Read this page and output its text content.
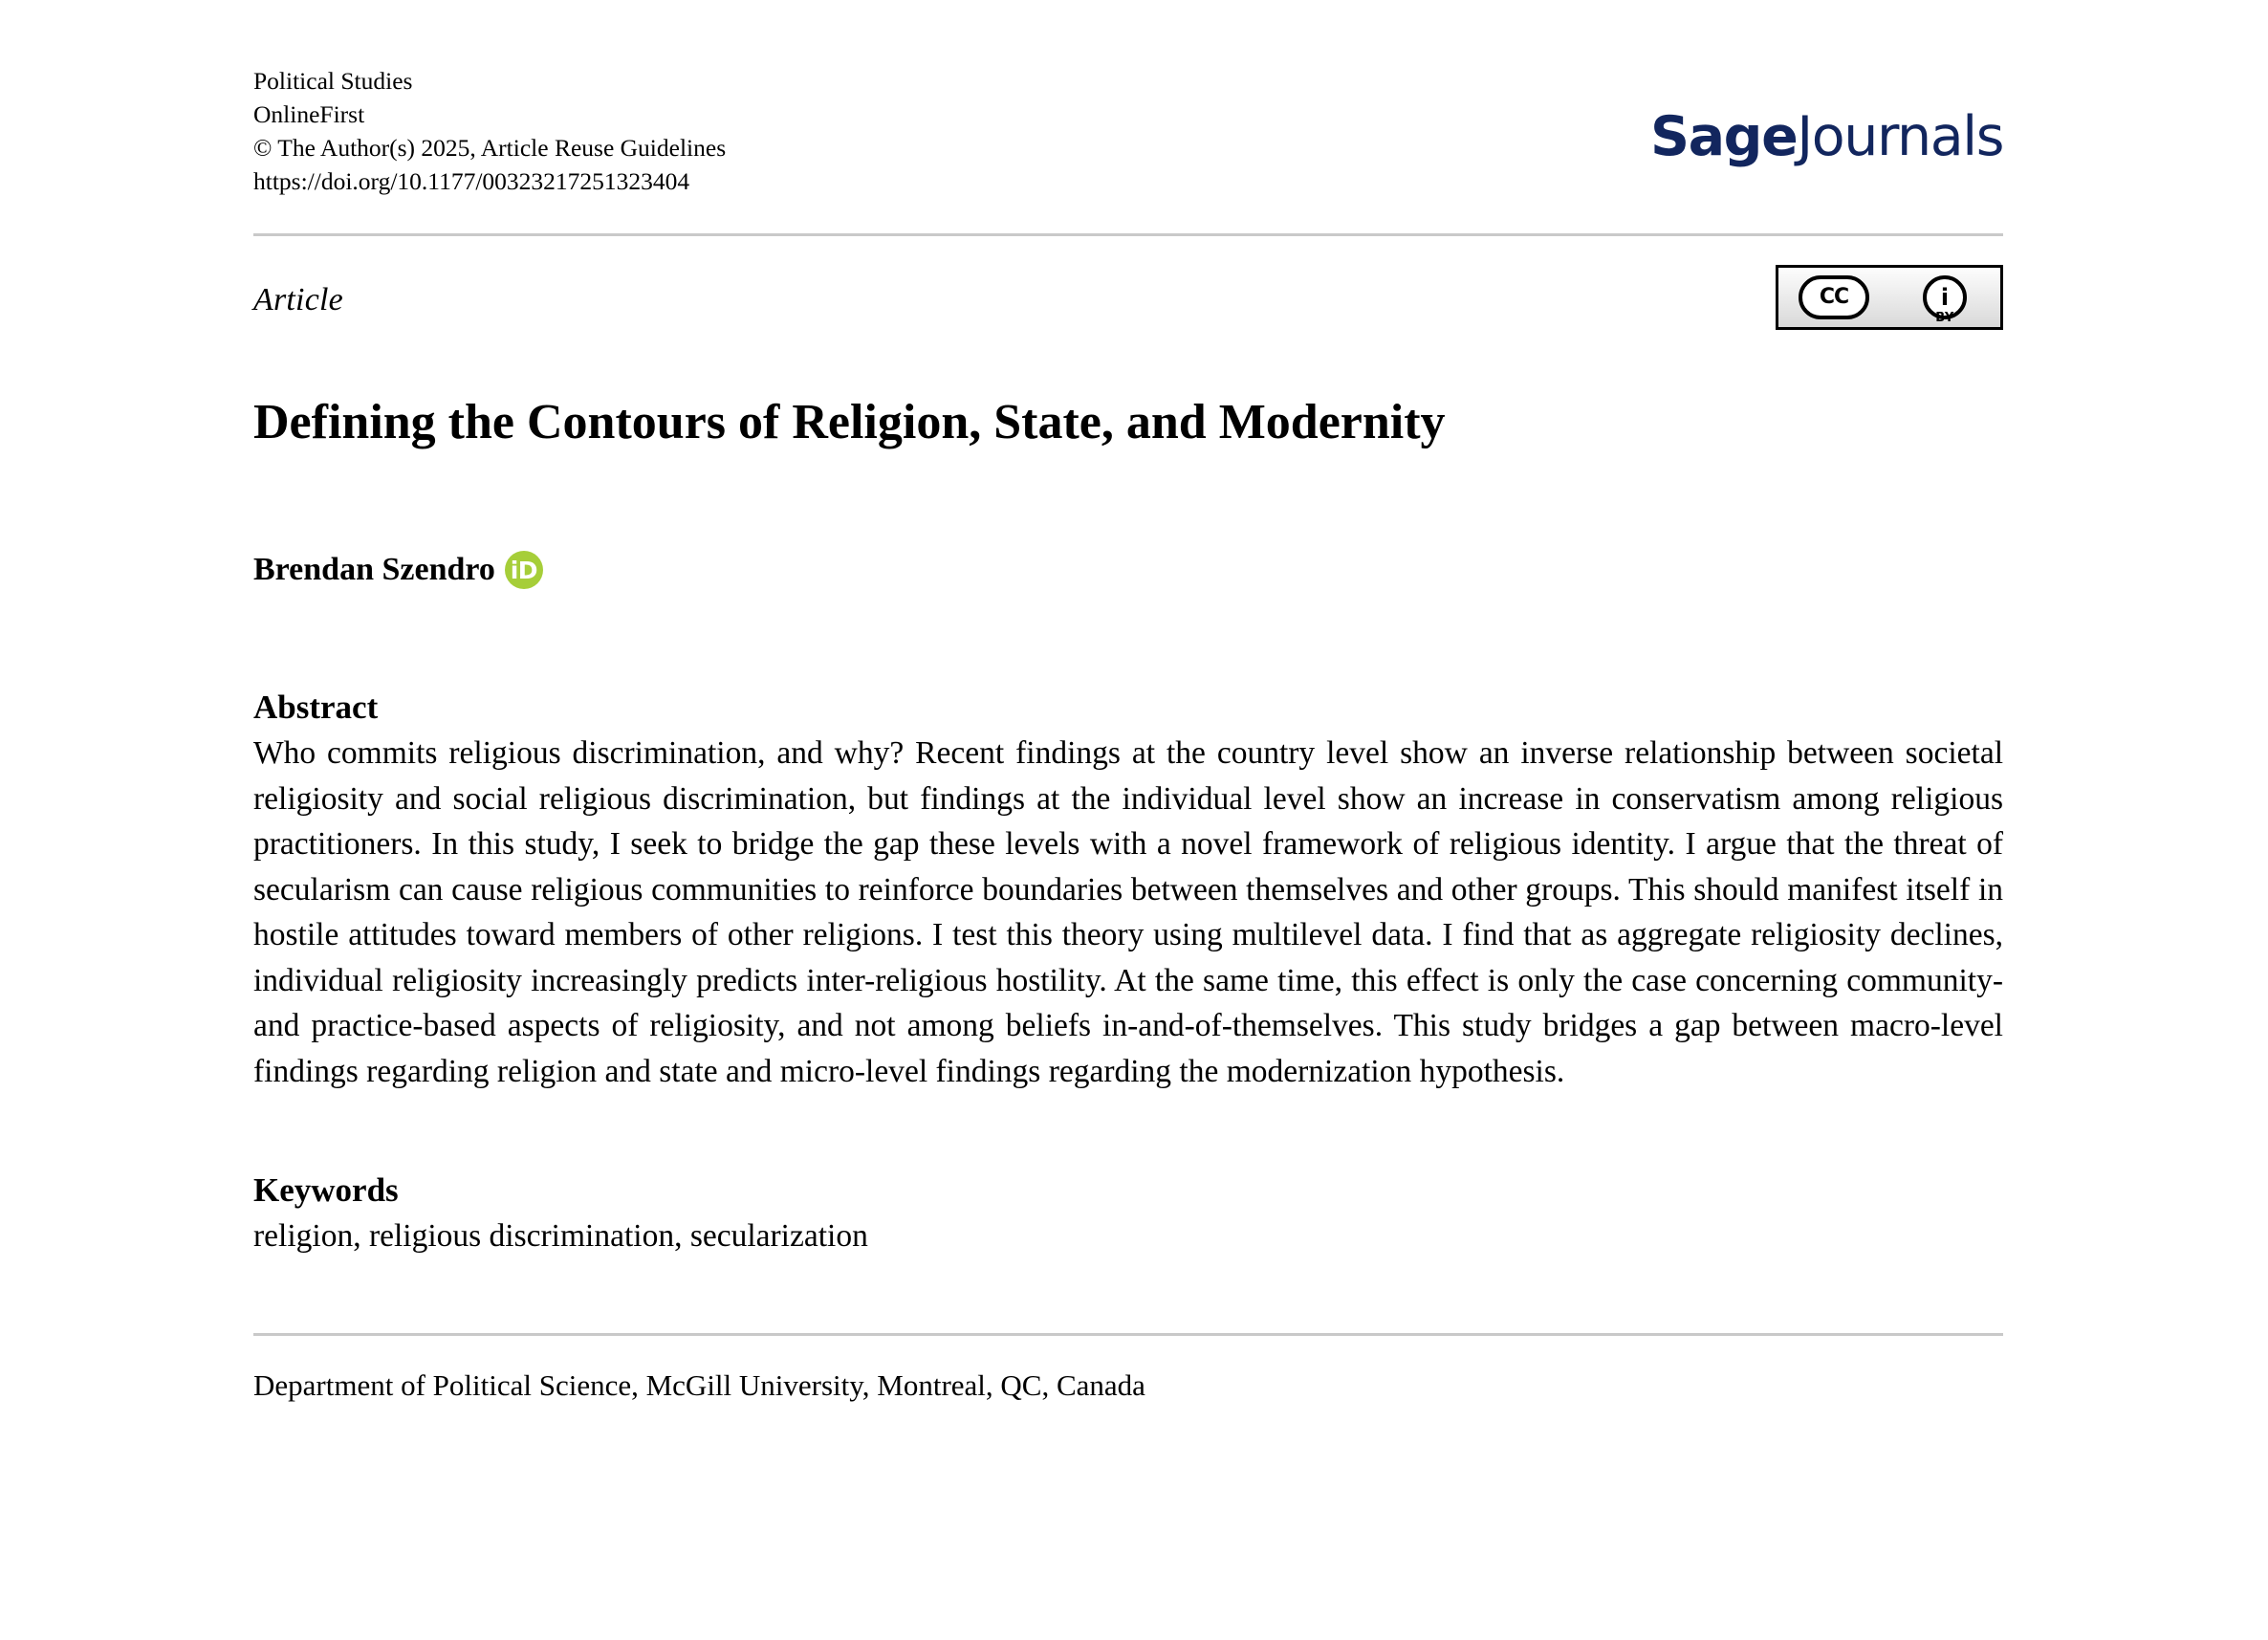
Political Studies
OnlineFirst
© The Author(s) 2025, Article Reuse Guidelines
https://doi.org/10.1177/00323217251323404
SageJournals
Article	CC	i
BY
Defining the Contours of Religion, State, and Modernity
Brendan Szendro iD
Abstract
Who commits religious discrimination, and why? Recent findings at the country level show an inverse relationship between societal religiosity and social religious discrimination, but findings at the individual level show an increase in conservatism among religious practitioners. In this study, I seek to bridge the gap these levels with a novel framework of religious identity. I argue that the threat of secularism can cause religious communities to reinforce boundaries between themselves and other groups. This should manifest itself in hostile attitudes toward members of other religions. I test this theory using multilevel data. I find that as aggregate religiosity declines, individual religiosity increasingly predicts inter-religious hostility. At the same time, this effect is only the case concerning community- and practice-based aspects of religiosity, and not among beliefs in-and-of-themselves. This study bridges a gap between macro-level findings regarding religion and state and micro-level findings regarding the modernization hypothesis.
Keywords
religion, religious discrimination, secularization
Department of Political Science, McGill University, Montreal, QC, Canada
